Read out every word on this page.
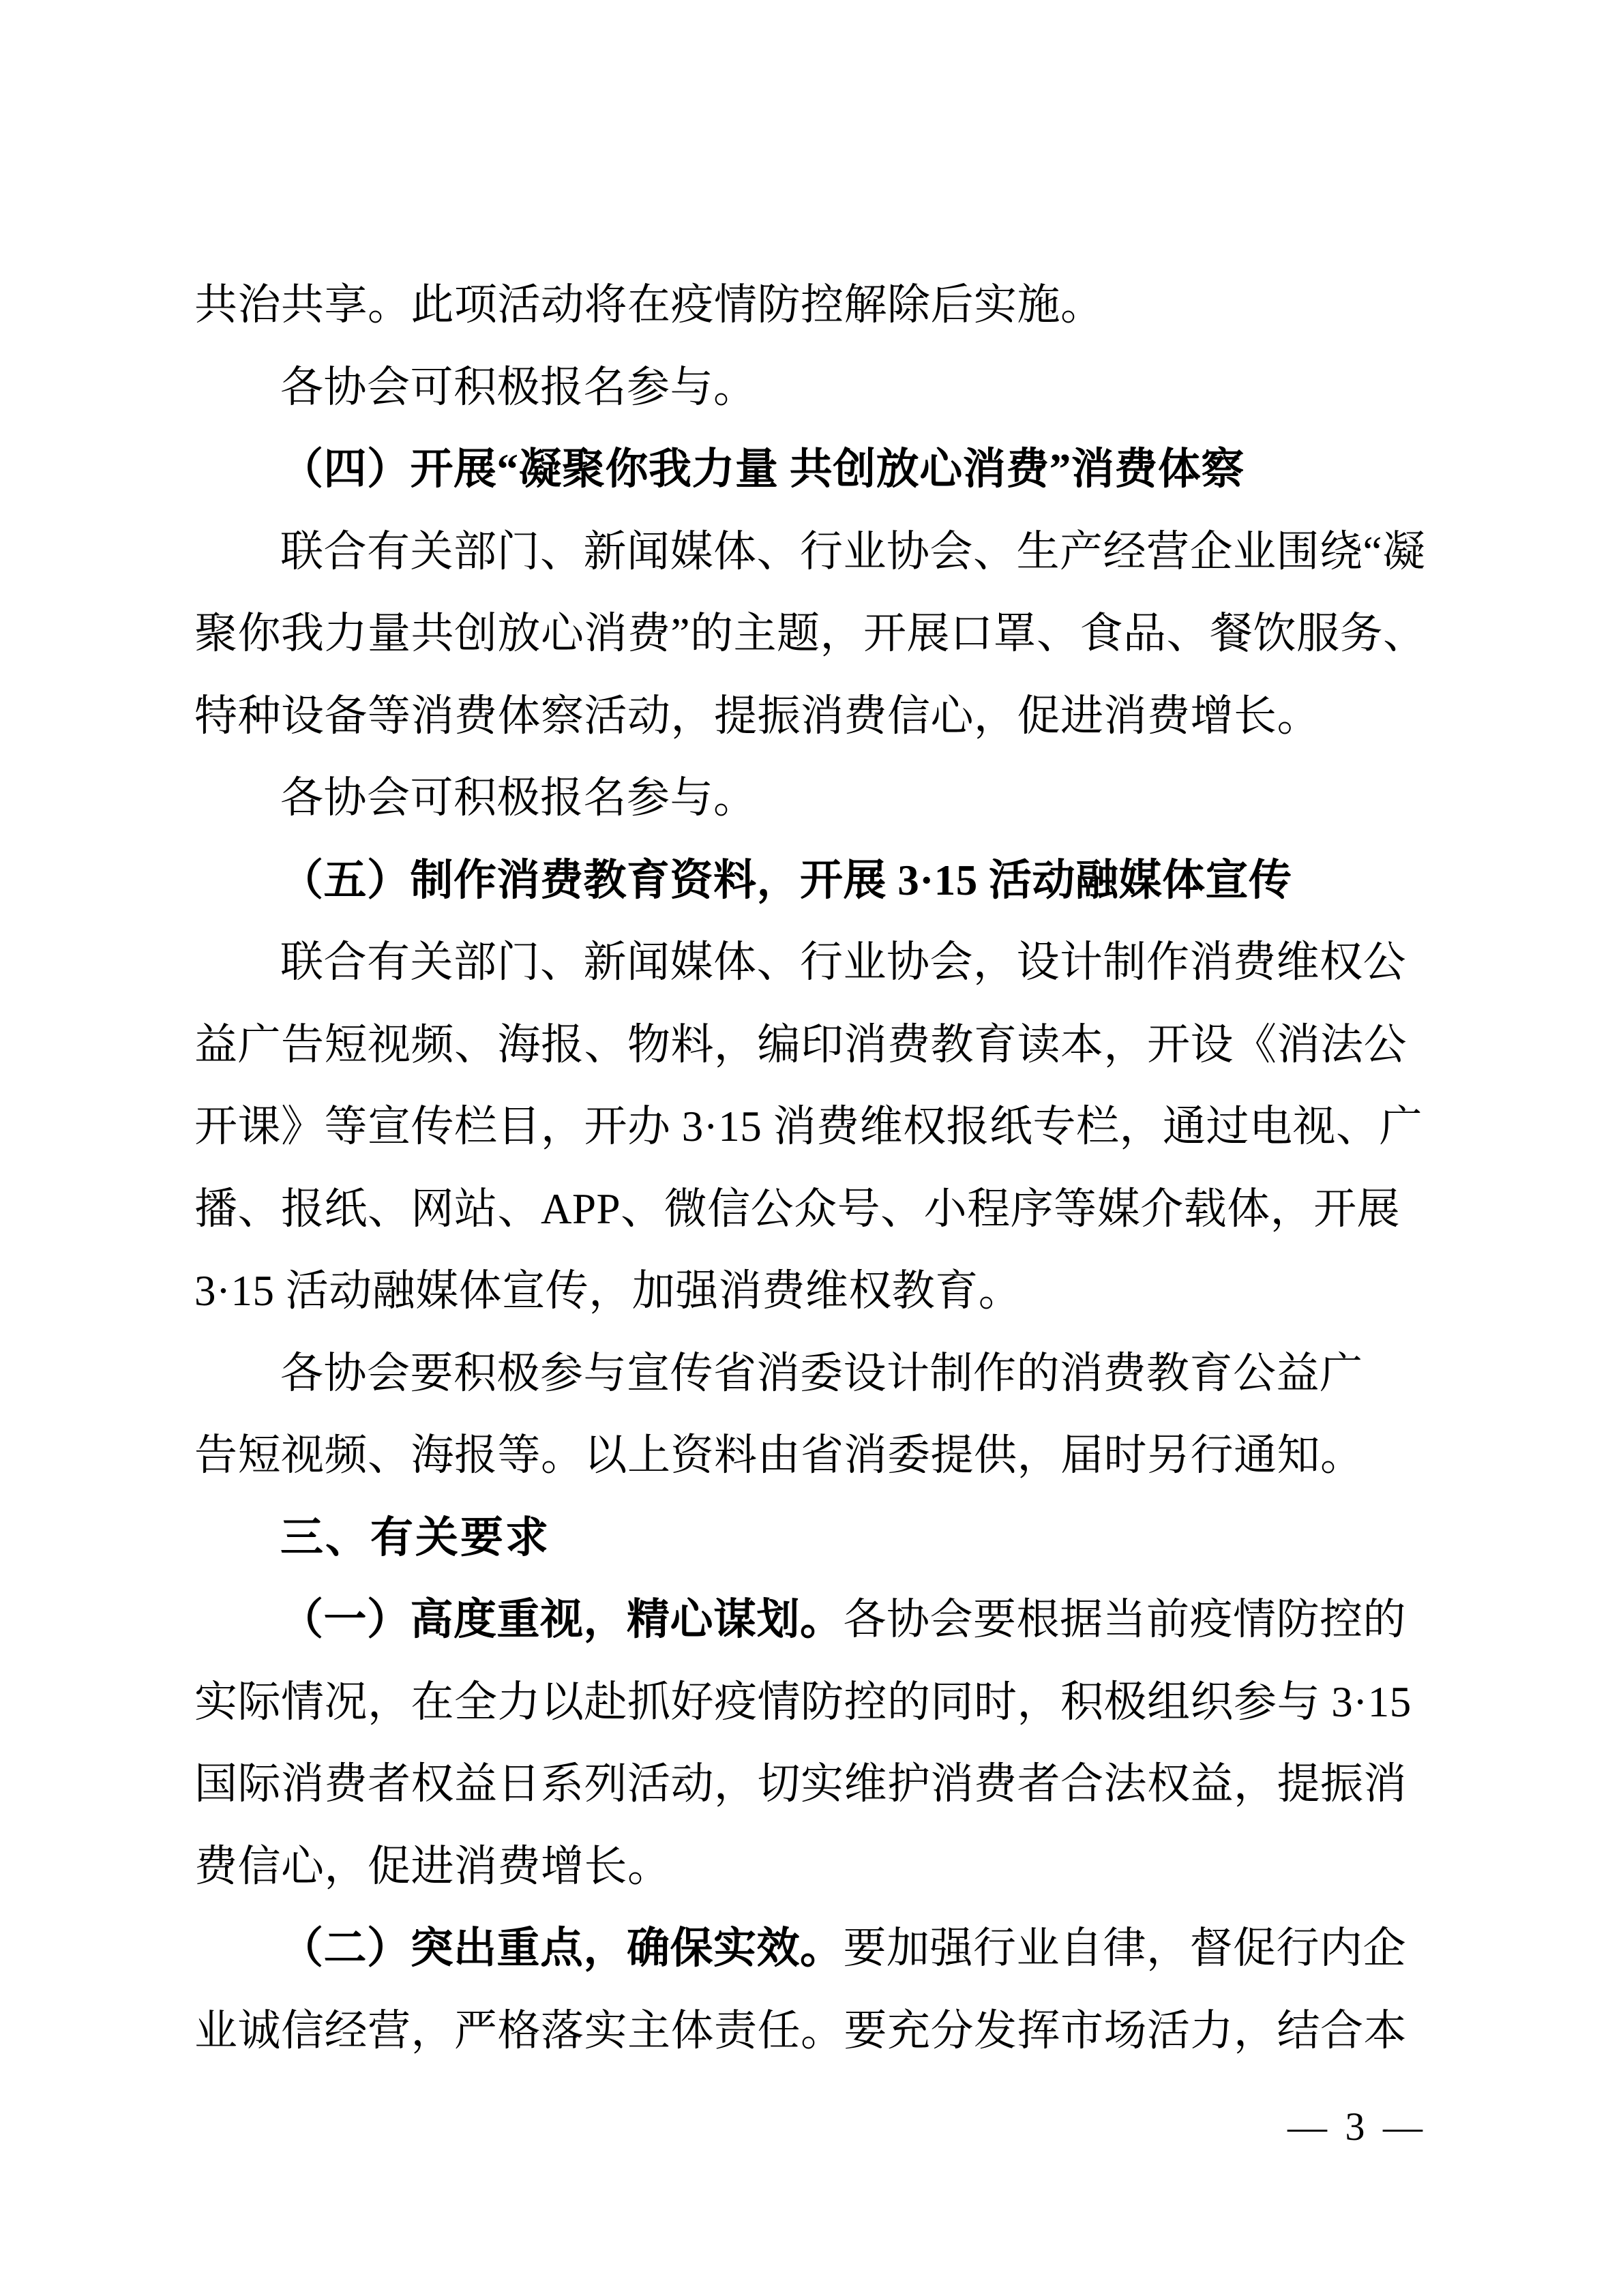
共治共享。此项活动将在疫情防控解除后实施。
各协会可积极报名参与。
（四）开展“凝聚你我力量 共创放心消费”消费体察
联合有关部门、新闻媒体、行业协会、生产经营企业围绕“凝
聚你我力量共创放心消费”的主题，开展口罩、食品、餐饮服务、
特种设备等消费体察活动，提振消费信心，促进消费增长。
各协会可积极报名参与。
（五）制作消费教育资料，开展 3·15 活动融媒体宣传
联合有关部门、新闻媒体、行业协会，设计制作消费维权公
益广告短视频、海报、物料，编印消费教育读本，开设《消法公
开课》等宣传栏目，开办 3·15 消费维权报纸专栏，通过电视、广
播、报纸、网站、APP、微信公众号、小程序等媒介载体，开展
3·15 活动融媒体宣传，加强消费维权教育。
各协会要积极参与宣传省消委设计制作的消费教育公益广
告短视频、海报等。以上资料由省消委提供，届时另行通知。
三、有关要求
（一）高度重视，精心谋划。各协会要根据当前疫情防控的
实际情况，在全力以赴抓好疫情防控的同时，积极组织参与 3·15
国际消费者权益日系列活动，切实维护消费者合法权益，提振消
费信心，促进消费增长。
（二）突出重点，确保实效。要加强行业自律，督促行内企
业诚信经营，严格落实主体责任。要充分发挥市场活力，结合本
— 3 —
